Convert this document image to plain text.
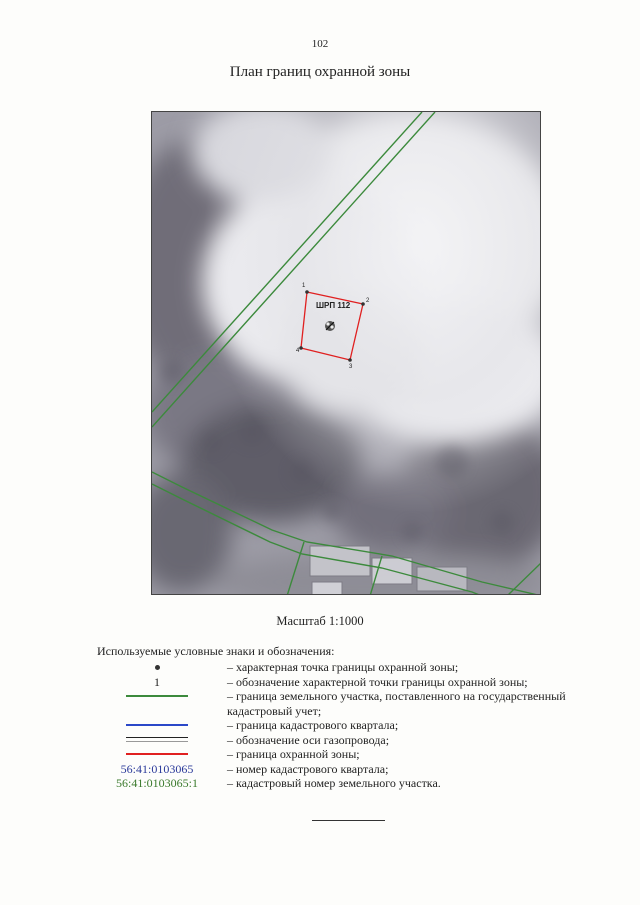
102
План границ охранной зоны
1
2
3
4
ШРП 112
Масштаб 1:1000
Используемые условные знаки и обозначения:
– характерная точка границы охранной зоны;
1	– обозначение характерной точки границы охранной зоны;
– граница земельного участка, поставленного на государственный кадастровый учет;
– граница кадастрового квартала;
– обозначение оси газопровода;
– граница охранной зоны;
56:41:0103065	– номер кадастрового квартала;
56:41:0103065:1	– кадастровый номер земельного участка.
